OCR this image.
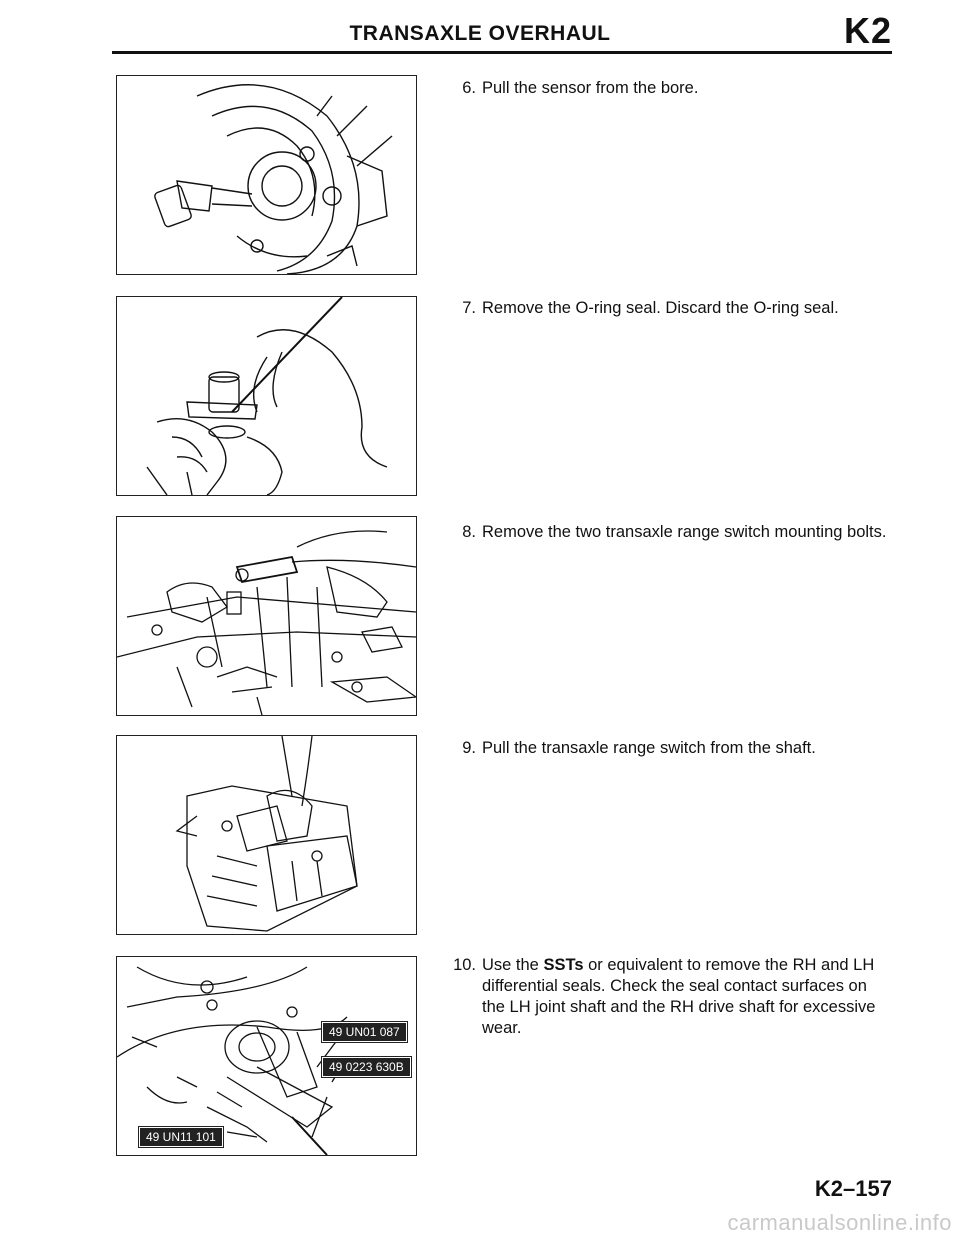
TRANSAXLE OVERHAUL	K2
6. Pull the sensor from the bore.
7. Remove the O-ring seal. Discard the O-ring seal.
8. Remove the two transaxle range switch mounting bolts.
9. Pull the transaxle range switch from the shaft.
49 UN01 087
49 0223 630B
49 UN11 101
10. Use the SSTs or equivalent to remove the RH and LH differential seals. Check the seal contact surfaces on the LH joint shaft and the RH drive shaft for excessive wear.
K2–157
carmanualsonline.info
